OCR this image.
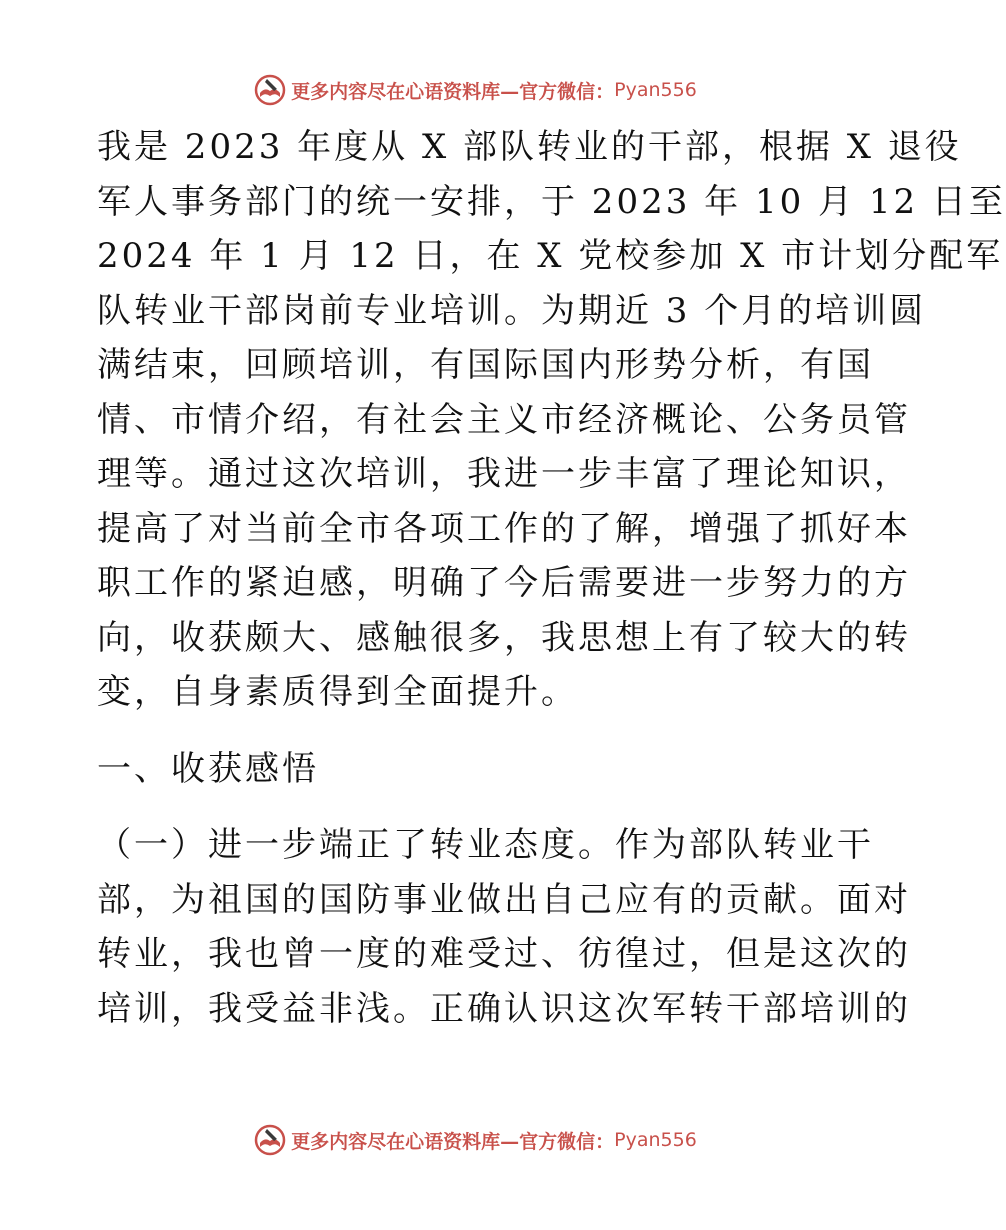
更多内容尽在心语资料库—官方微信： Pyan556
我是 2023 年度从 X 部队转业的干部，根据 X 退役
军人事务部门的统一安排，于 2023 年 10 月 12 日至
2024 年 1 月 12 日，在 X 党校参加 X 市计划分配军
队转业干部岗前专业培训。为期近 3 个月的培训圆
满结束，回顾培训，有国际国内形势分析，有国
情、市情介绍，有社会主义市经济概论、公务员管
理等。通过这次培训，我进一步丰富了理论知识，
提高了对当前全市各项工作的了解，增强了抓好本
职工作的紧迫感，明确了今后需要进一步努力的方
向，收获颇大、感触很多，我思想上有了较大的转
变，自身素质得到全面提升。
一、收获感悟
（一）进一步端正了转业态度。作为部队转业干
部，为祖国的国防事业做出自己应有的贡献。面对
转业，我也曾一度的难受过、彷徨过，但是这次的
培训，我受益非浅。正确认识这次军转干部培训的
更多内容尽在心语资料库—官方微信： Pyan556
